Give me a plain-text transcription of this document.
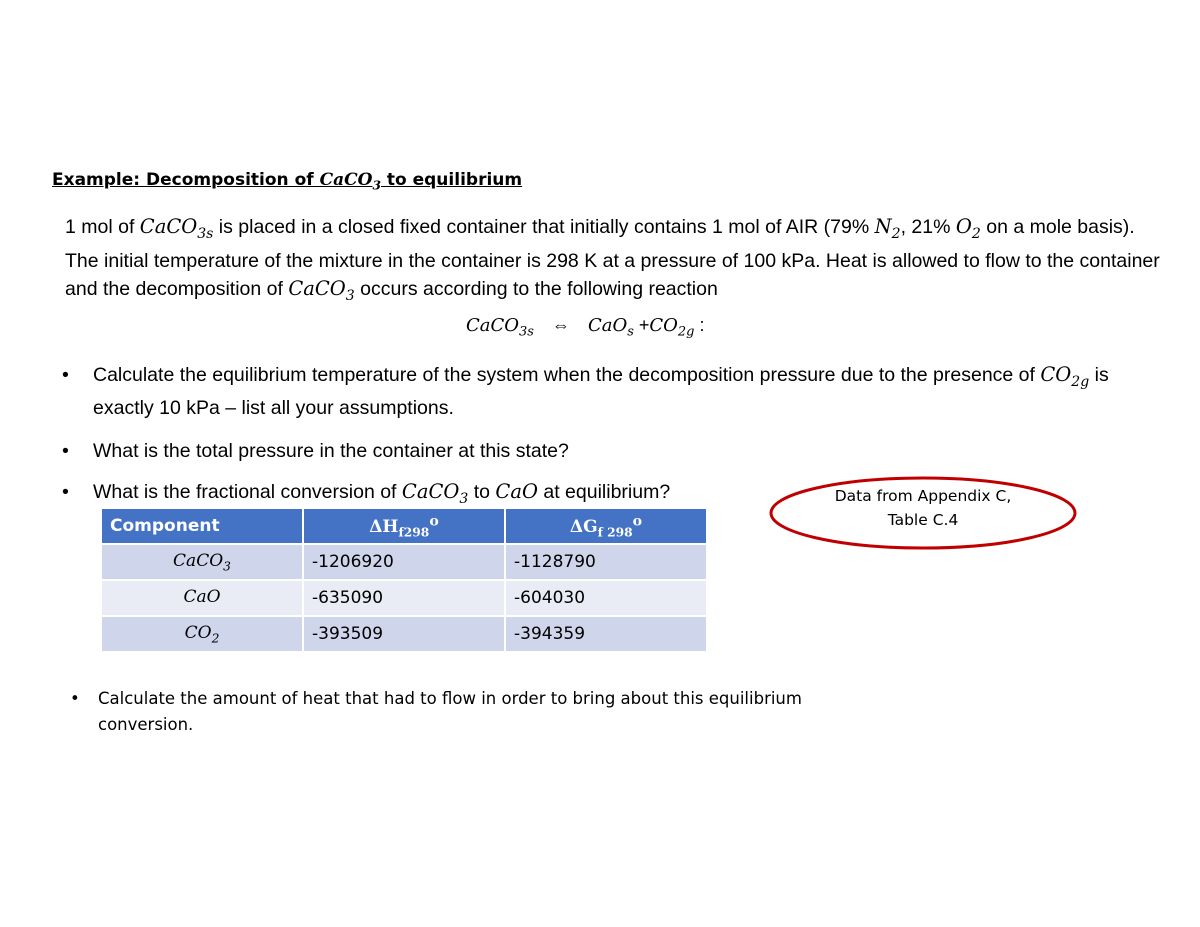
Example: Decomposition of CaCO$_3$ to equilibrium
1 mol of CaCO$_{3s}$ is placed in a closed fixed container that initially contains 1 mol of AIR (79% $N_2$, 21% $O_2$ on a mole basis). The initial temperature of the mixture in the container is 298 K at a pressure of 100 kPa. Heat is allowed to flow to the container and the decomposition of CaCO$_3$ occurs according to the following reaction
CaCO$_{3s}$ ⇔ $CaO_s +CO_{2g}$ :
• Calculate the equilibrium temperature of the system when the decomposition pressure due to the presence of $CO_{2g}$ is exactly 10 kPa – list all your assumptions.
• What is the total pressure in the container at this state?
• What is the fractional conversion of CaCO$_3$ to CaO at equilibrium?
Component	$\Delta H_{f298}^o$	$\Delta G_{f 298}^o$
CaCO$_3$	-1206920	-1128790
CaO	-635090	-604030
$CO_2$	-393509	-394359
Data from Appendix C,
Table C.4
• Calculate the amount of heat that had to flow in order to bring about this equilibrium conversion.
